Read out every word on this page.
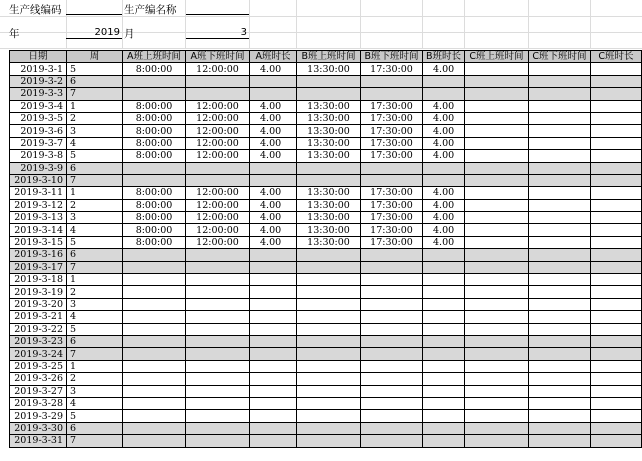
生产线编码	生产编名称
年	2019 月	3
日期	周	A班上班时间	A班下班时间	A班时长	B班上班时间	B班下班时间	B班时长	C班上班时间	C班下班时间	C班时长
2019-3-1	5	8:00:00	12:00:00	4.00	13:30:00	17:30:00	4.00			
2019-3-2	6									
2019-3-3	7									
2019-3-4	1	8:00:00	12:00:00	4.00	13:30:00	17:30:00	4.00			
2019-3-5	2	8:00:00	12:00:00	4.00	13:30:00	17:30:00	4.00			
2019-3-6	3	8:00:00	12:00:00	4.00	13:30:00	17:30:00	4.00			
2019-3-7	4	8:00:00	12:00:00	4.00	13:30:00	17:30:00	4.00			
2019-3-8	5	8:00:00	12:00:00	4.00	13:30:00	17:30:00	4.00			
2019-3-9	6									
2019-3-10	7									
2019-3-11	1	8:00:00	12:00:00	4.00	13:30:00	17:30:00	4.00			
2019-3-12	2	8:00:00	12:00:00	4.00	13:30:00	17:30:00	4.00			
2019-3-13	3	8:00:00	12:00:00	4.00	13:30:00	17:30:00	4.00			
2019-3-14	4	8:00:00	12:00:00	4.00	13:30:00	17:30:00	4.00			
2019-3-15	5	8:00:00	12:00:00	4.00	13:30:00	17:30:00	4.00			
2019-3-16	6									
2019-3-17	7									
2019-3-18	1									
2019-3-19	2									
2019-3-20	3									
2019-3-21	4									
2019-3-22	5									
2019-3-23	6									
2019-3-24	7									
2019-3-25	1									
2019-3-26	2									
2019-3-27	3									
2019-3-28	4									
2019-3-29	5									
2019-3-30	6									
2019-3-31	7									
